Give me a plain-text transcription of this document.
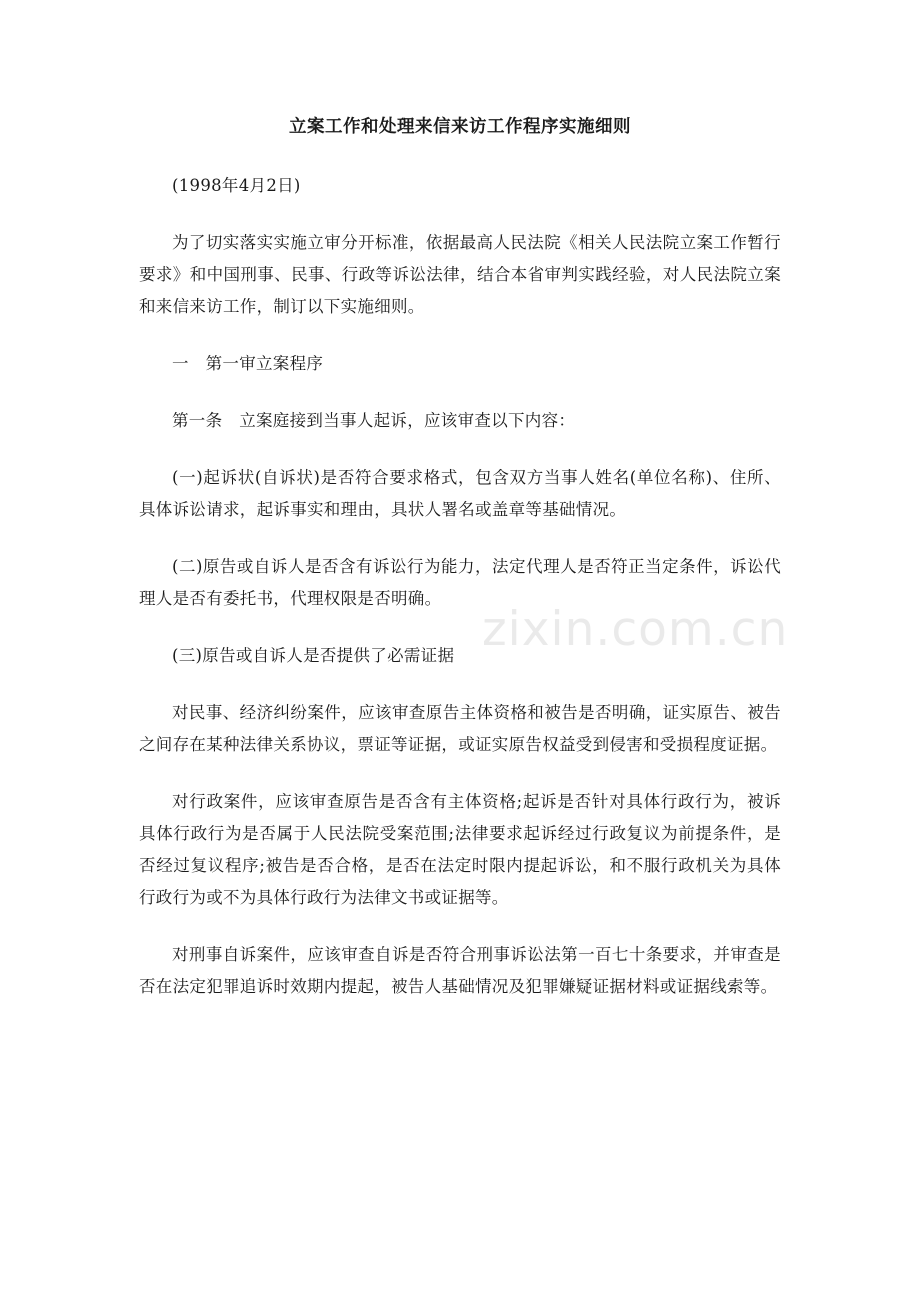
立案工作和处理来信来访工作程序实施细则

(1998年4月2日)

为了切实落实实施立审分开标准，依据最高人民法院《相关人民法院立案工作暂行要求》和中国刑事、民事、行政等诉讼法律，结合本省审判实践经验，对人民法院立案和来信来访工作，制订以下实施细则。

一　第一审立案程序

第一条　立案庭接到当事人起诉，应该审查以下内容：

(一)起诉状(自诉状)是否符合要求格式，包含双方当事人姓名(单位名称)、住所、具体诉讼请求，起诉事实和理由，具状人署名或盖章等基础情况。

(二)原告或自诉人是否含有诉讼行为能力，法定代理人是否符正当定条件，诉讼代理人是否有委托书，代理权限是否明确。

(三)原告或自诉人是否提供了必需证据

对民事、经济纠纷案件，应该审查原告主体资格和被告是否明确，证实原告、被告之间存在某种法律关系协议，票证等证据，或证实原告权益受到侵害和受损程度证据。

对行政案件，应该审查原告是否含有主体资格;起诉是否针对具体行政行为，被诉具体行政行为是否属于人民法院受案范围;法律要求起诉经过行政复议为前提条件，是否经过复议程序;被告是否合格，是否在法定时限内提起诉讼，和不服行政机关为具体行政行为或不为具体行政行为法律文书或证据等。

对刑事自诉案件，应该审查自诉是否符合刑事诉讼法第一百七十条要求，并审查是否在法定犯罪追诉时效期内提起，被告人基础情况及犯罪嫌疑证据材料或证据线索等。

zixin.com.cn
